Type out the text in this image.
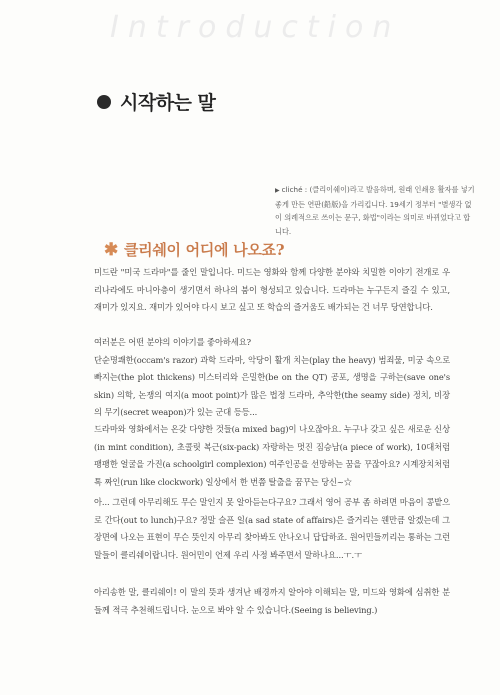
Introduction
시작하는 말
▶ cliché : (클리이쉐이)라고 발음하며, 원래 인쇄용 활자를 넣기 좋게 만든 연판(鉛版)을 가리킵니다. 19세기 정부터 "별생각 없이 의례적으로 쓰이는 문구, 화법"이라는 의미로 바뀌었다고 합니다.
✱ 클리쉐이 어디에 나오죠?

미드란 "미국 드라마"를 줄인 말입니다. 미드는 영화와 함께 다양한 분야와 치밀한 이야기 전개로 우리나라에도 마니아층이 생기면서 하나의 붐이 형성되고 있습니다. 드라마는 누구든지 즐길 수 있고, 재미가 있지요. 재미가 있어야 다시 보고 싶고 또 학습의 즐거움도 배가되는 건 너무 당연합니다.

여러분은 어떤 분야의 이야기를 좋아하세요?

단순명쾌한(occam's razor) 과학 드라마, 악당이 활개 치는(play the heavy) 범죄물, 미궁 속으로 빠지는(the plot thickens) 미스터리와 은밀한(be on the QT) 공포, 생명을 구하는(save one's skin) 의학, 논쟁의 여지(a moot point)가 많은 법정 드라마, 추악한(the seamy side) 정치, 비장의 무기(secret weapon)가 있는 군대 등등...

드라마와 영화에서는 온갖 다양한 것들(a mixed bag)이 나오잖아요. 누구나 갖고 싶은 새로운 신상(in mint condition), 초콜릿 복근(six-pack) 자랑하는 멋진 짐승남(a piece of work), 10대처럼 팽팽한 얼굴을 가진(a schoolgirl complexion) 여주인공을 선망하는 꿈을 꾸잖아요? 시계장치처럼 톡 짜인(run like clockwork) 일상에서 한 번쯤 탈출을 꿈꾸는 당신~☆

아... 그런데 아무리해도 무슨 말인지 못 알아듣는다구요? 그래서 영어 공부 좀 하려면 마음이 콩밭으로 간다(out to lunch)구요? 정말 슬픈 일(a sad state of affairs)은 즐거리는 웬만큼 알겠는데 그 장면에 나오는 표현이 무슨 뜻인지 아무리 찾아봐도 안나오니 답답하죠. 원어민들끼리는 통하는 그런 말들이 클리쉐이랍니다. 원어민이 언제 우리 사정 봐주면서 말하나요...ㅜ.ㅜ

아리송한 말, 클리쉐이! 이 말의 뜻과 생겨난 배경까지 알아야 이해되는 말, 미드와 영화에 심취한 분들께 적극 추천해드립니다. 눈으로 봐야 알 수 있습니다.(Seeing is believing.)
